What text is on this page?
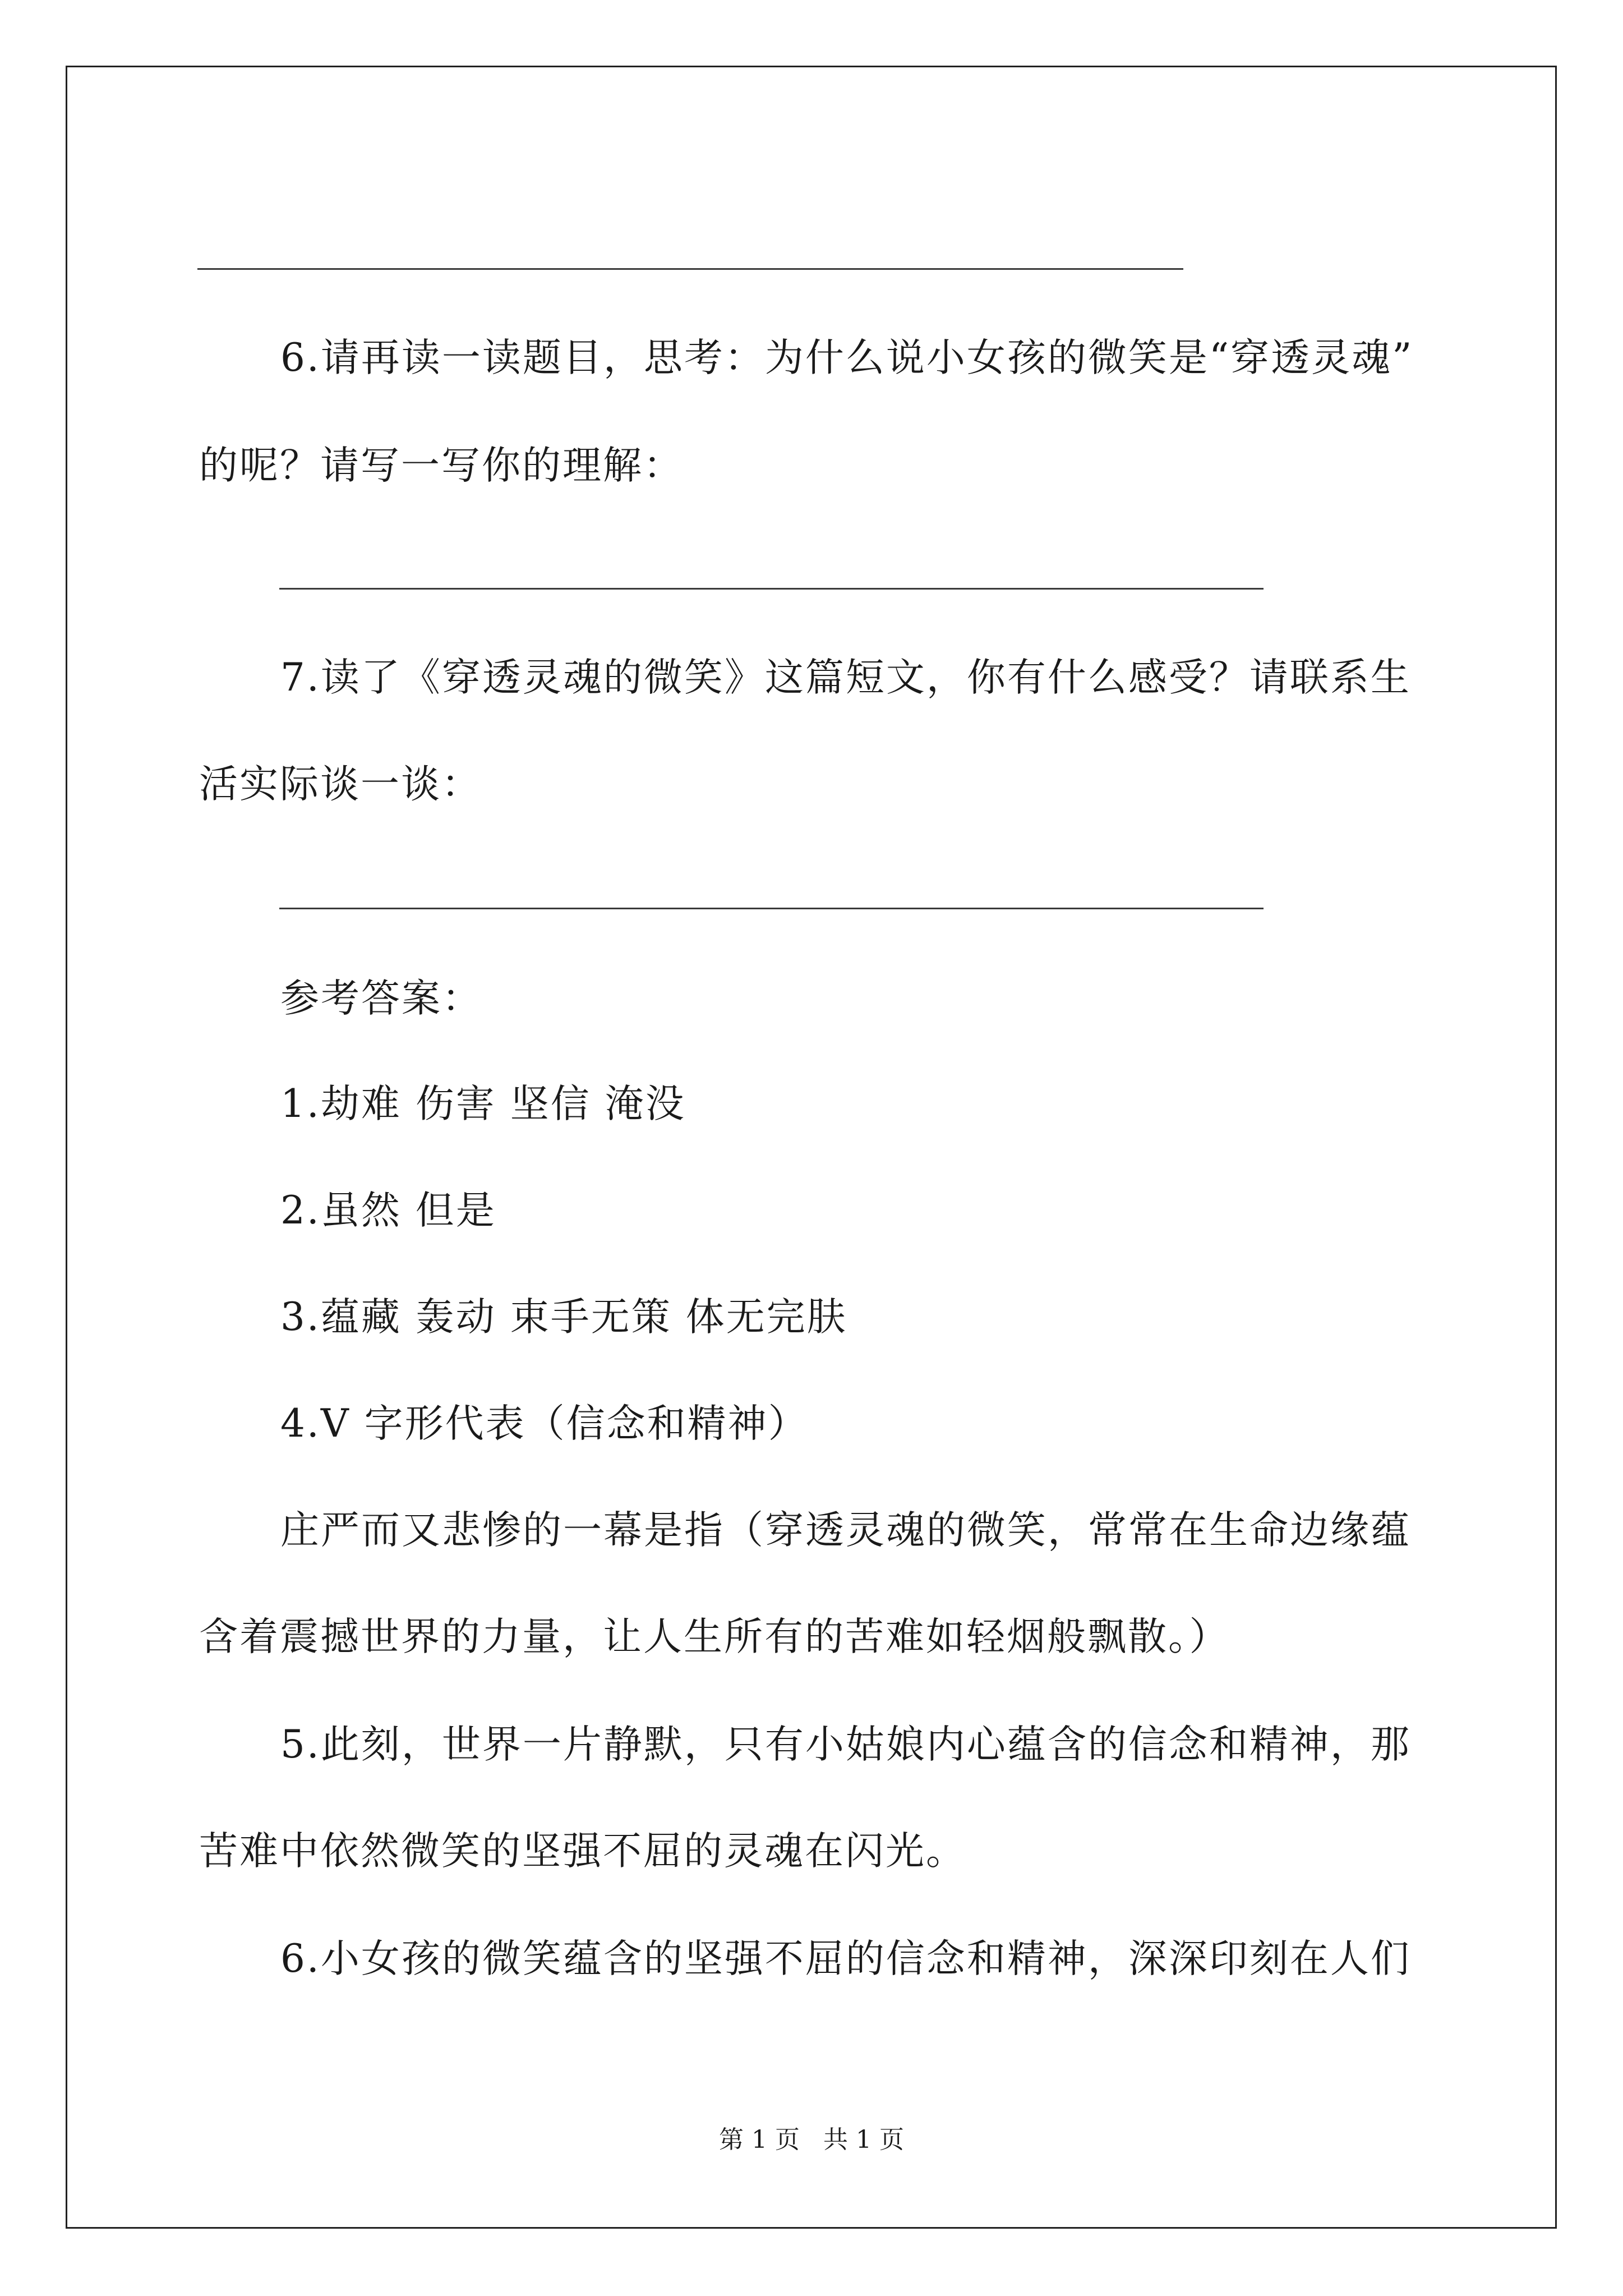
6.请再读一读题目，思考：为什么说小女孩的微笑是“穿透灵魂”
的呢？请写一写你的理解：
7.读了《穿透灵魂的微笑》这篇短文，你有什么感受？请联系生
活实际谈一谈：
参考答案：
1.劫难 伤害 坚信 淹没
2.虽然 但是
3.蕴藏 轰动 束手无策 体无完肤
4.V 字形代表（信念和精神）
庄严而又悲惨的一幕是指（穿透灵魂的微笑，常常在生命边缘蕴
含着震撼世界的力量，让人生所有的苦难如轻烟般飘散。）
5.此刻，世界一片静默，只有小姑娘内心蕴含的信念和精神，那
苦难中依然微笑的坚强不屈的灵魂在闪光。
6.小女孩的微笑蕴含的坚强不屈的信念和精神，深深印刻在人们
第 1 页   共 1 页
